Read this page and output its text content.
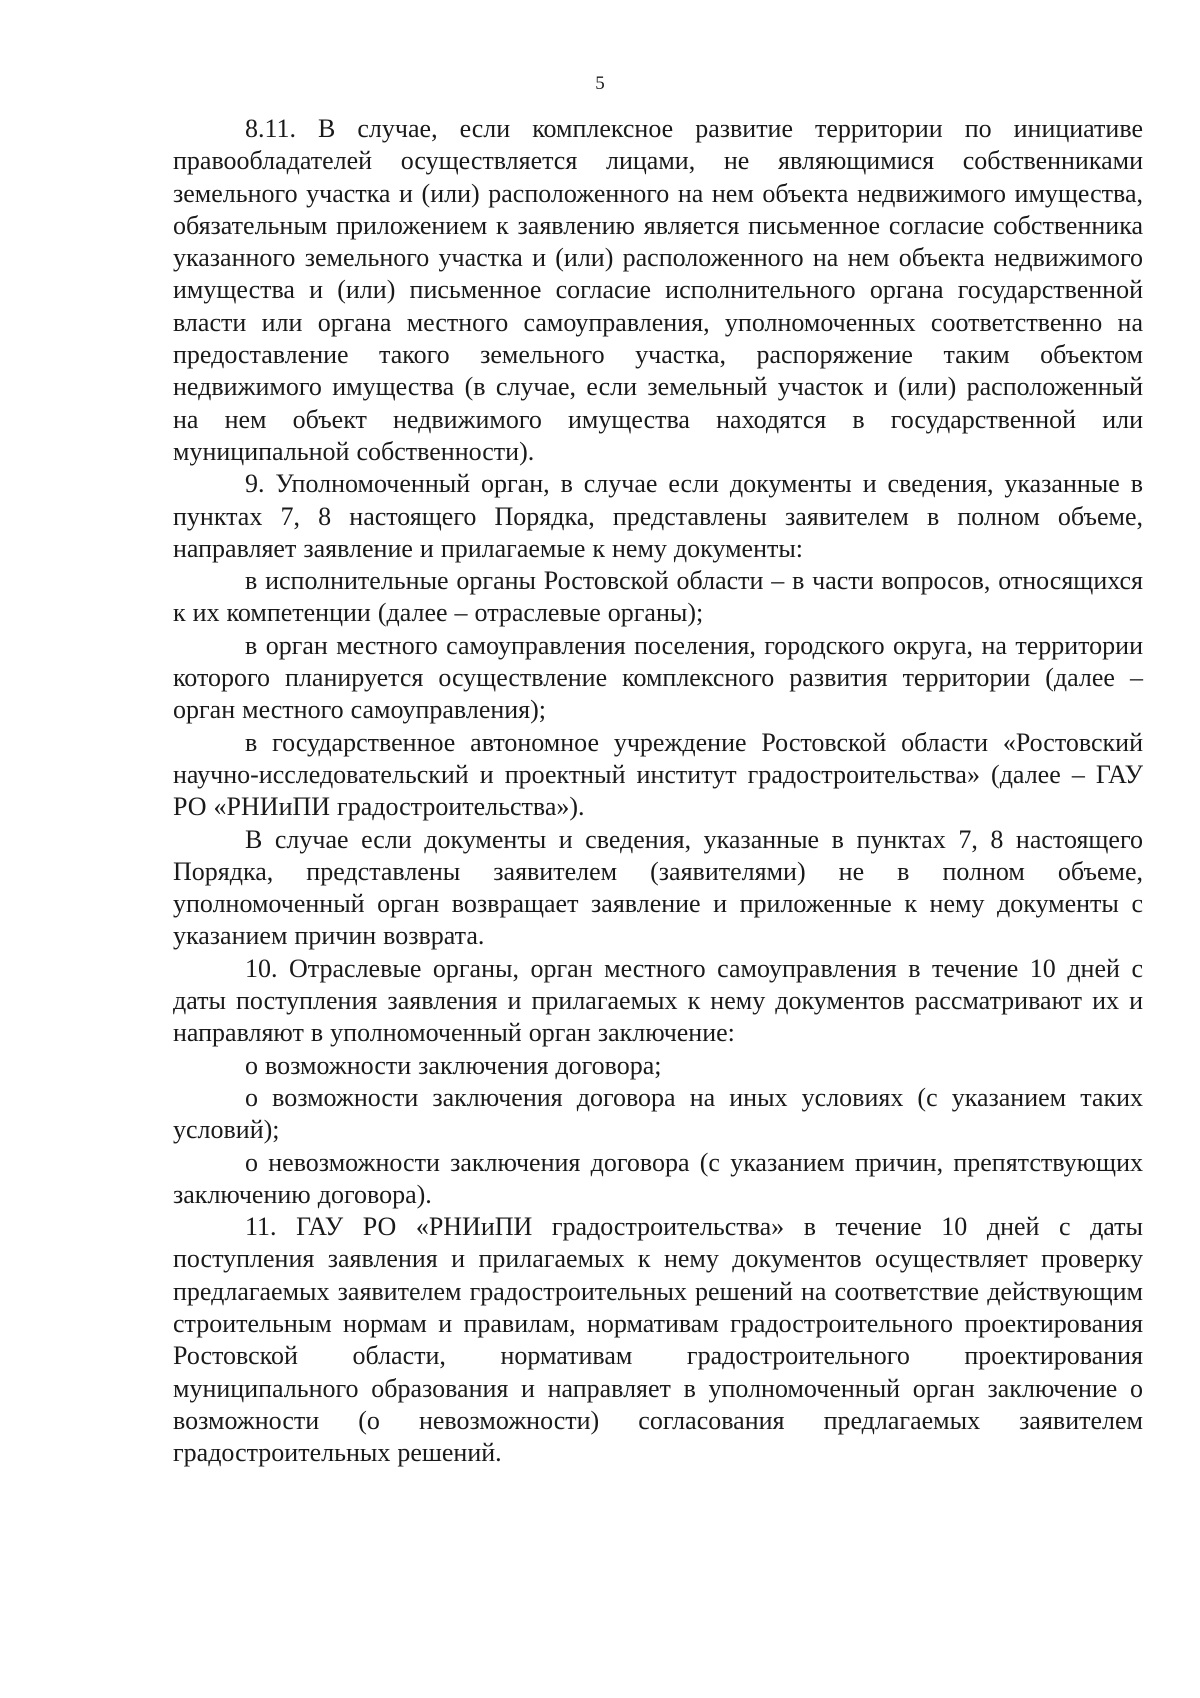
5

8.11. В случае, если комплексное развитие территории по инициативе правообладателей осуществляется лицами, не являющимися собственниками земельного участка и (или) расположенного на нем объекта недвижимого имущества, обязательным приложением к заявлению является письменное согласие собственника указанного земельного участка и (или) расположенного на нем объекта недвижимого имущества и (или) письменное согласие исполнительного органа государственной власти или органа местного самоуправления, уполномоченных соответственно на предоставление такого земельного участка, распоряжение таким объектом недвижимого имущества (в случае, если земельный участок и (или) расположенный на нем объект недвижимого имущества находятся в государственной или муниципальной собственности).

9. Уполномоченный орган, в случае если документы и сведения, указанные в пунктах 7, 8 настоящего Порядка, представлены заявителем в полном объеме, направляет заявление и прилагаемые к нему документы:

в исполнительные органы Ростовской области – в части вопросов, относящихся к их компетенции (далее – отраслевые органы);

в орган местного самоуправления поселения, городского округа, на территории которого планируется осуществление комплексного развития территории (далее – орган местного самоуправления);

в государственное автономное учреждение Ростовской области «Ростовский научно-исследовательский и проектный институт градостроительства» (далее – ГАУ РО «РНИиПИ градостроительства»).

В случае если документы и сведения, указанные в пунктах 7, 8 настоящего Порядка, представлены заявителем (заявителями) не в полном объеме, уполномоченный орган возвращает заявление и приложенные к нему документы с указанием причин возврата.

10. Отраслевые органы, орган местного самоуправления в течение 10 дней с даты поступления заявления и прилагаемых к нему документов рассматривают их и направляют в уполномоченный орган заключение:

о возможности заключения договора;

о возможности заключения договора на иных условиях (с указанием таких условий);

о невозможности заключения договора (с указанием причин, препятствующих заключению договора).

11. ГАУ РО «РНИиПИ градостроительства» в течение 10 дней с даты поступления заявления и прилагаемых к нему документов осуществляет проверку предлагаемых заявителем градостроительных решений на соответствие действующим строительным нормам и правилам, нормативам градостроительного проектирования Ростовской области, нормативам градостроительного проектирования муниципального образования и направляет в уполномоченный орган заключение о возможности (о невозможности) согласования предлагаемых заявителем градостроительных решений.
